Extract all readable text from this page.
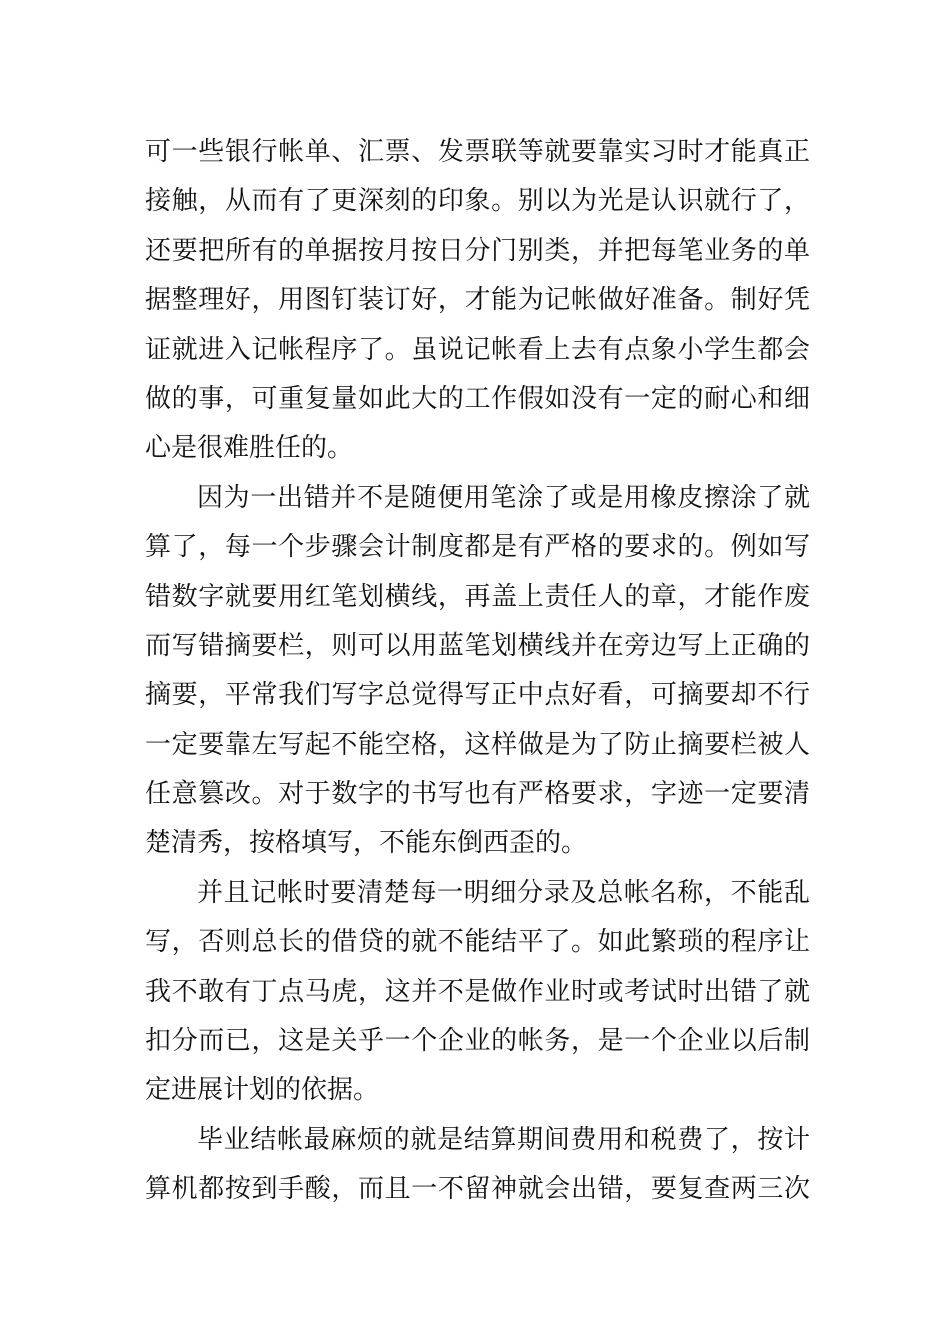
可一些银行帐单、汇票、发票联等就要靠实习时才能真正
接触，从而有了更深刻的印象。别以为光是认识就行了，
还要把所有的单据按月按日分门别类，并把每笔业务的单
据整理好，用图钉装订好，才能为记帐做好准备。制好凭
证就进入记帐程序了。虽说记帐看上去有点象小学生都会
做的事，可重复量如此大的工作假如没有一定的耐心和细
心是很难胜任的。
因为一出错并不是随便用笔涂了或是用橡皮擦涂了就
算了，每一个步骤会计制度都是有严格的要求的。例如写
错数字就要用红笔划横线，再盖上责任人的章，才能作废
而写错摘要栏，则可以用蓝笔划横线并在旁边写上正确的
摘要，平常我们写字总觉得写正中点好看，可摘要却不行
一定要靠左写起不能空格，这样做是为了防止摘要栏被人
任意篡改。对于数字的书写也有严格要求，字迹一定要清
楚清秀，按格填写，不能东倒西歪的。
并且记帐时要清楚每一明细分录及总帐名称，不能乱
写，否则总长的借贷的就不能结平了。如此繁琐的程序让
我不敢有丁点马虎，这并不是做作业时或考试时出错了就
扣分而已，这是关乎一个企业的帐务，是一个企业以后制
定进展计划的依据。
毕业结帐最麻烦的就是结算期间费用和税费了，按计
算机都按到手酸，而且一不留神就会出错，要复查两三次
